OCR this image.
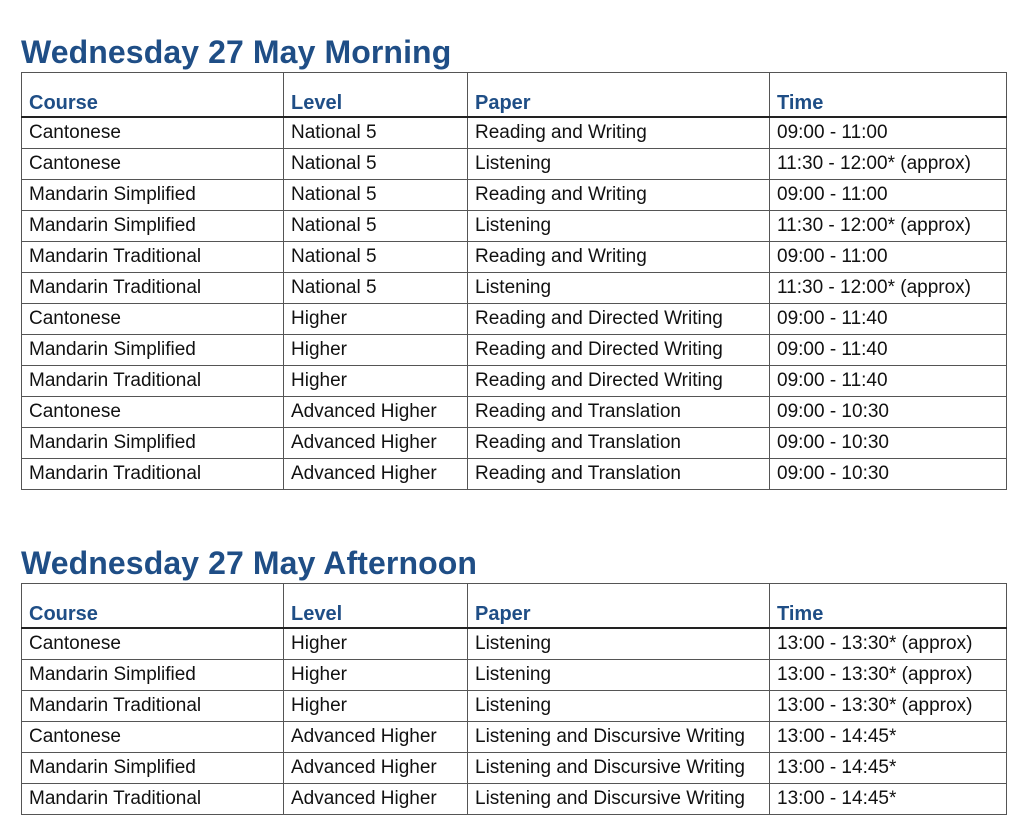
Wednesday 27 May Morning
Course	Level	Paper	Time
Cantonese	National 5	Reading and Writing	09:00 - 11:00
Cantonese	National 5	Listening	11:30 - 12:00* (approx)
Mandarin Simplified	National 5	Reading and Writing	09:00 - 11:00
Mandarin Simplified	National 5	Listening	11:30 - 12:00* (approx)
Mandarin Traditional	National 5	Reading and Writing	09:00 - 11:00
Mandarin Traditional	National 5	Listening	11:30 - 12:00* (approx)
Cantonese	Higher	Reading and Directed Writing	09:00 - 11:40
Mandarin Simplified	Higher	Reading and Directed Writing	09:00 - 11:40
Mandarin Traditional	Higher	Reading and Directed Writing	09:00 - 11:40
Cantonese	Advanced Higher	Reading and Translation	09:00 - 10:30
Mandarin Simplified	Advanced Higher	Reading and Translation	09:00 - 10:30
Mandarin Traditional	Advanced Higher	Reading and Translation	09:00 - 10:30
Wednesday 27 May Afternoon
Course	Level	Paper	Time
Cantonese	Higher	Listening	13:00 - 13:30* (approx)
Mandarin Simplified	Higher	Listening	13:00 - 13:30* (approx)
Mandarin Traditional	Higher	Listening	13:00 - 13:30* (approx)
Cantonese	Advanced Higher	Listening and Discursive Writing	13:00 - 14:45*
Mandarin Simplified	Advanced Higher	Listening and Discursive Writing	13:00 - 14:45*
Mandarin Traditional	Advanced Higher	Listening and Discursive Writing	13:00 - 14:45*
